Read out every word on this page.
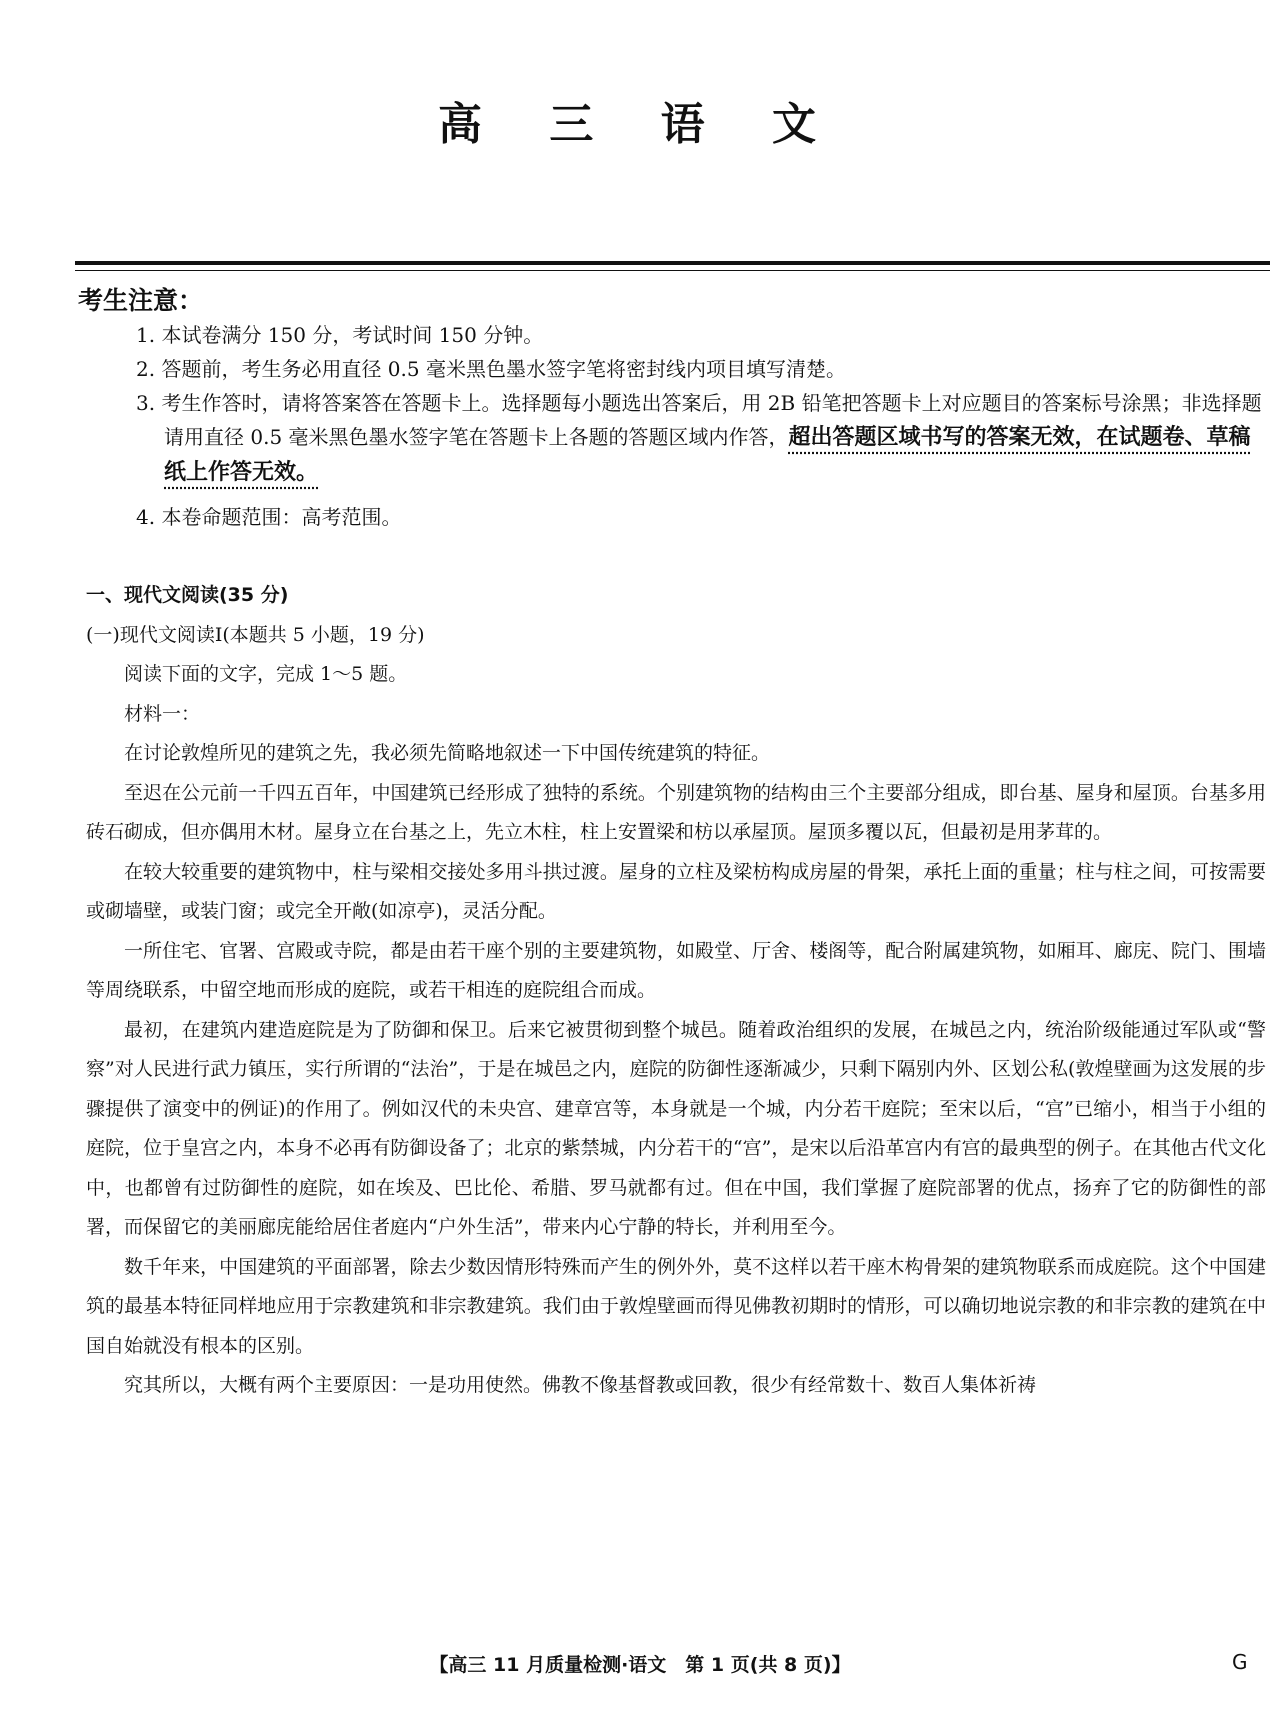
高 三 语 文
考生注意：

1. 本试卷满分 150 分，考试时间 150 分钟。

2. 答题前，考生务必用直径 0.5 毫米黑色墨水签字笔将密封线内项目填写清楚。

3. 考生作答时，请将答案答在答题卡上。选择题每小题选出答案后，用 2B 铅笔把答题卡上对应题目的答案标号涂黑；非选择题请用直径 0.5 毫米黑色墨水签字笔在答题卡上各题的答题区域内作答，超出答题区域书写的答案无效，在试题卷、草稿纸上作答无效。

4. 本卷命题范围：高考范围。

一、现代文阅读(35 分)

(一)现代文阅读Ⅰ(本题共 5 小题，19 分)

阅读下面的文字，完成 1～5 题。

材料一：

在讨论敦煌所见的建筑之先，我必须先简略地叙述一下中国传统建筑的特征。

至迟在公元前一千四五百年，中国建筑已经形成了独特的系统。个别建筑物的结构由三个主要部分组成，即台基、屋身和屋顶。台基多用砖石砌成，但亦偶用木材。屋身立在台基之上，先立木柱，柱上安置梁和枋以承屋顶。屋顶多覆以瓦，但最初是用茅茸的。

在较大较重要的建筑物中，柱与梁相交接处多用斗拱过渡。屋身的立柱及梁枋构成房屋的骨架，承托上面的重量；柱与柱之间，可按需要或砌墙壁，或装门窗；或完全开敞(如凉亭)，灵活分配。

一所住宅、官署、宫殿或寺院，都是由若干座个别的主要建筑物，如殿堂、厅舍、楼阁等，配合附属建筑物，如厢耳、廊庑、院门、围墙等周绕联系，中留空地而形成的庭院，或若干相连的庭院组合而成。

最初，在建筑内建造庭院是为了防御和保卫。后来它被贯彻到整个城邑。随着政治组织的发展，在城邑之内，统治阶级能通过军队或“警察”对人民进行武力镇压，实行所谓的“法治”，于是在城邑之内，庭院的防御性逐渐减少，只剩下隔别内外、区划公私(敦煌壁画为这发展的步骤提供了演变中的例证)的作用了。例如汉代的未央宫、建章宫等，本身就是一个城，内分若干庭院；至宋以后，“宫”已缩小，相当于小组的庭院，位于皇宫之内，本身不必再有防御设备了；北京的紫禁城，内分若干的“宫”，是宋以后沿革宫内有宫的最典型的例子。在其他古代文化中，也都曾有过防御性的庭院，如在埃及、巴比伦、希腊、罗马就都有过。但在中国，我们掌握了庭院部署的优点，扬弃了它的防御性的部署，而保留它的美丽廊庑能给居住者庭内“户外生活”，带来内心宁静的特长，并利用至今。

数千年来，中国建筑的平面部署，除去少数因情形特殊而产生的例外外，莫不这样以若干座木构骨架的建筑物联系而成庭院。这个中国建筑的最基本特征同样地应用于宗教建筑和非宗教建筑。我们由于敦煌壁画而得见佛教初期时的情形，可以确切地说宗教的和非宗教的建筑在中国自始就没有根本的区别。

究其所以，大概有两个主要原因：一是功用使然。佛教不像基督教或回教，很少有经常数十、数百人集体祈祷

【高三 11 月质量检测·语文　第 1 页(共 8 页)】	G
